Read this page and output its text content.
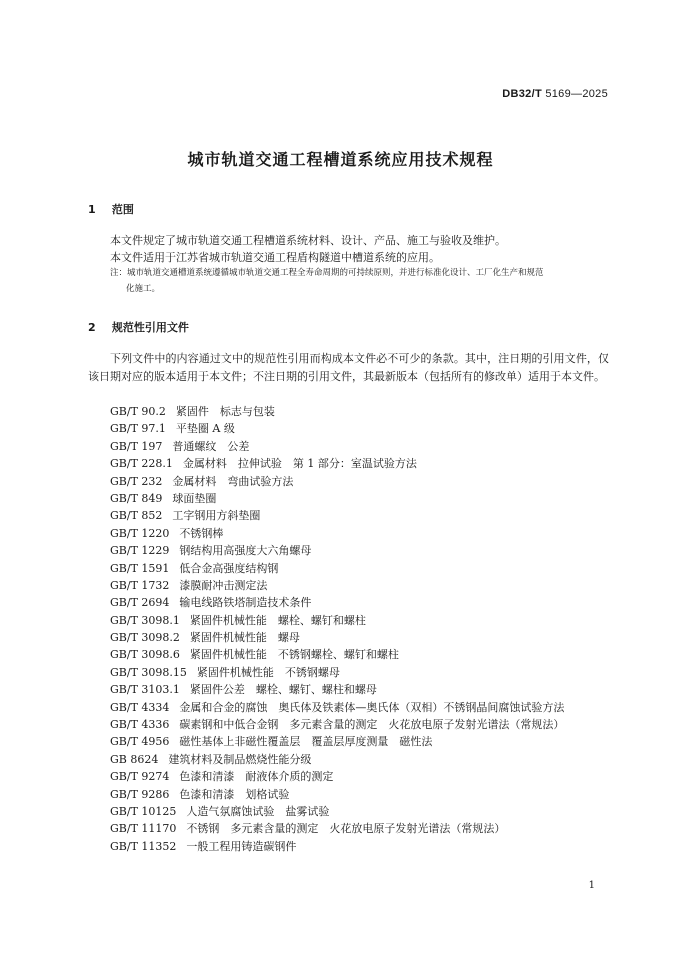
DB32/T 5169—2025
城市轨道交通工程槽道系统应用技术规程
1 范围
本文件规定了城市轨道交通工程槽道系统材料、设计、产品、施工与验收及维护。
本文件适用于江苏省城市轨道交通工程盾构隧道中槽道系统的应用。
注：城市轨道交通槽道系统遵循城市轨道交通工程全寿命周期的可持续原则，并进行标准化设计、工厂化生产和规范
化施工。
2 规范性引用文件
下列文件中的内容通过文中的规范性引用而构成本文件必不可少的条款。其中，注日期的引用文件，仅该日期对应的版本适用于本文件；不注日期的引用文件，其最新版本（包括所有的修改单）适用于本文件。
GB/T 90.2 紧固件　标志与包装
GB/T 97.1 平垫圈 A 级
GB/T 197 普通螺纹　公差
GB/T 228.1 金属材料　拉伸试验　第 1 部分：室温试验方法
GB/T 232 金属材料　弯曲试验方法
GB/T 849 球面垫圈
GB/T 852 工字钢用方斜垫圈
GB/T 1220 不锈钢棒
GB/T 1229 钢结构用高强度大六角螺母
GB/T 1591 低合金高强度结构钢
GB/T 1732 漆膜耐冲击测定法
GB/T 2694 输电线路铁塔制造技术条件
GB/T 3098.1 紧固件机械性能　螺栓、螺钉和螺柱
GB/T 3098.2 紧固件机械性能　螺母
GB/T 3098.6 紧固件机械性能　不锈钢螺栓、螺钉和螺柱
GB/T 3098.15 紧固件机械性能　不锈钢螺母
GB/T 3103.1 紧固件公差　螺栓、螺钉、螺柱和螺母
GB/T 4334 金属和合金的腐蚀　奥氏体及铁素体—奥氏体（双相）不锈钢晶间腐蚀试验方法
GB/T 4336 碳素钢和中低合金钢　多元素含量的测定　火花放电原子发射光谱法（常规法）
GB/T 4956 磁性基体上非磁性覆盖层　覆盖层厚度测量　磁性法
GB 8624 建筑材料及制品燃烧性能分级
GB/T 9274 色漆和清漆　耐液体介质的测定
GB/T 9286 色漆和清漆　划格试验
GB/T 10125 人造气氛腐蚀试验　盐雾试验
GB/T 11170 不锈钢　多元素含量的测定　火花放电原子发射光谱法（常规法）
GB/T 11352 一般工程用铸造碳钢件
1
